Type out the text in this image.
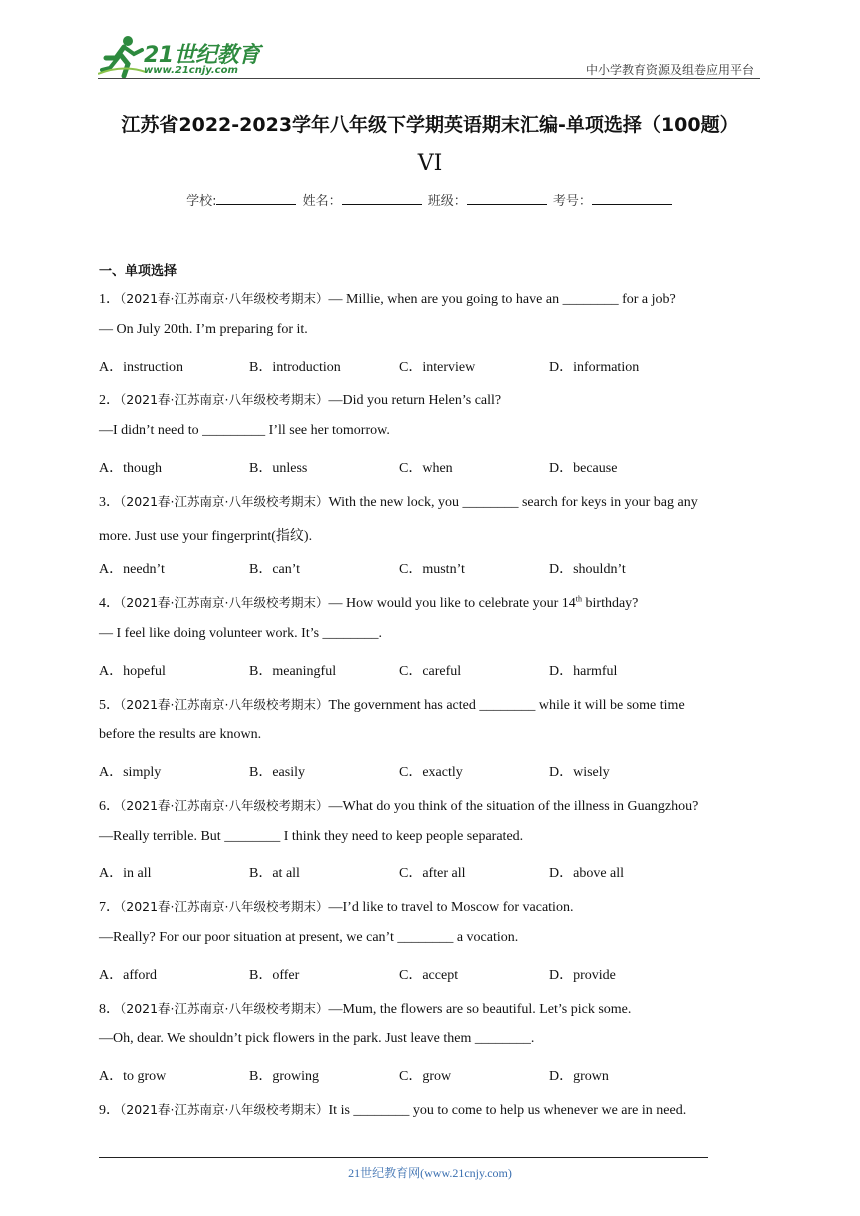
21世纪教育
www.21cnjy.com	中小学教育资源及组卷应用平台
江苏省2022-2023学年八年级下学期英语期末汇编-单项选择（100题）
VI
学校:	姓名：	班级：	考号：
一、单项选择
1．（2021春·江苏南京·八年级校考期末）— Millie, when are you going to have an ________ for a job?
— On July 20th. I’m preparing for it.
A．instruction	B．introduction	C．interview	D．information
2．（2021春·江苏南京·八年级校考期末）—Did you return Helen’s call?
—I didn’t need to _________ I’ll see her tomorrow.
A．though	B．unless	C．when	D．because
3．（2021春·江苏南京·八年级校考期末）With the new lock, you ________ search for keys in your bag any
more. Just use your fingerprint(指纹).
A．needn’t	B．can’t	C．mustn’t	D．shouldn’t
4．（2021春·江苏南京·八年级校考期末）— How would you like to celebrate your 14th birthday?
— I feel like doing volunteer work. It’s ________.
A．hopeful	B．meaningful	C．careful	D．harmful
5．（2021春·江苏南京·八年级校考期末）The government has acted ________ while it will be some time
before the results are known.
A．simply	B．easily	C．exactly	D．wisely
6．（2021春·江苏南京·八年级校考期末）—What do you think of the situation of the illness in Guangzhou?
—Really terrible. But ________ I think they need to keep people separated.
A．in all	B．at all	C．after all	D．above all
7．（2021春·江苏南京·八年级校考期末）—I’d like to travel to Moscow for vacation.
—Really? For our poor situation at present, we can’t ________ a vocation.
A．afford	B．offer	C．accept	D．provide
8．（2021春·江苏南京·八年级校考期末）—Mum, the flowers are so beautiful. Let’s pick some.
—Oh, dear. We shouldn’t pick flowers in the park. Just leave them ________.
A．to grow	B．growing	C．grow	D．grown
9．（2021春·江苏南京·八年级校考期末）It is ________ you to come to help us whenever we are in need.
21世纪教育网(www.21cnjy.com)
